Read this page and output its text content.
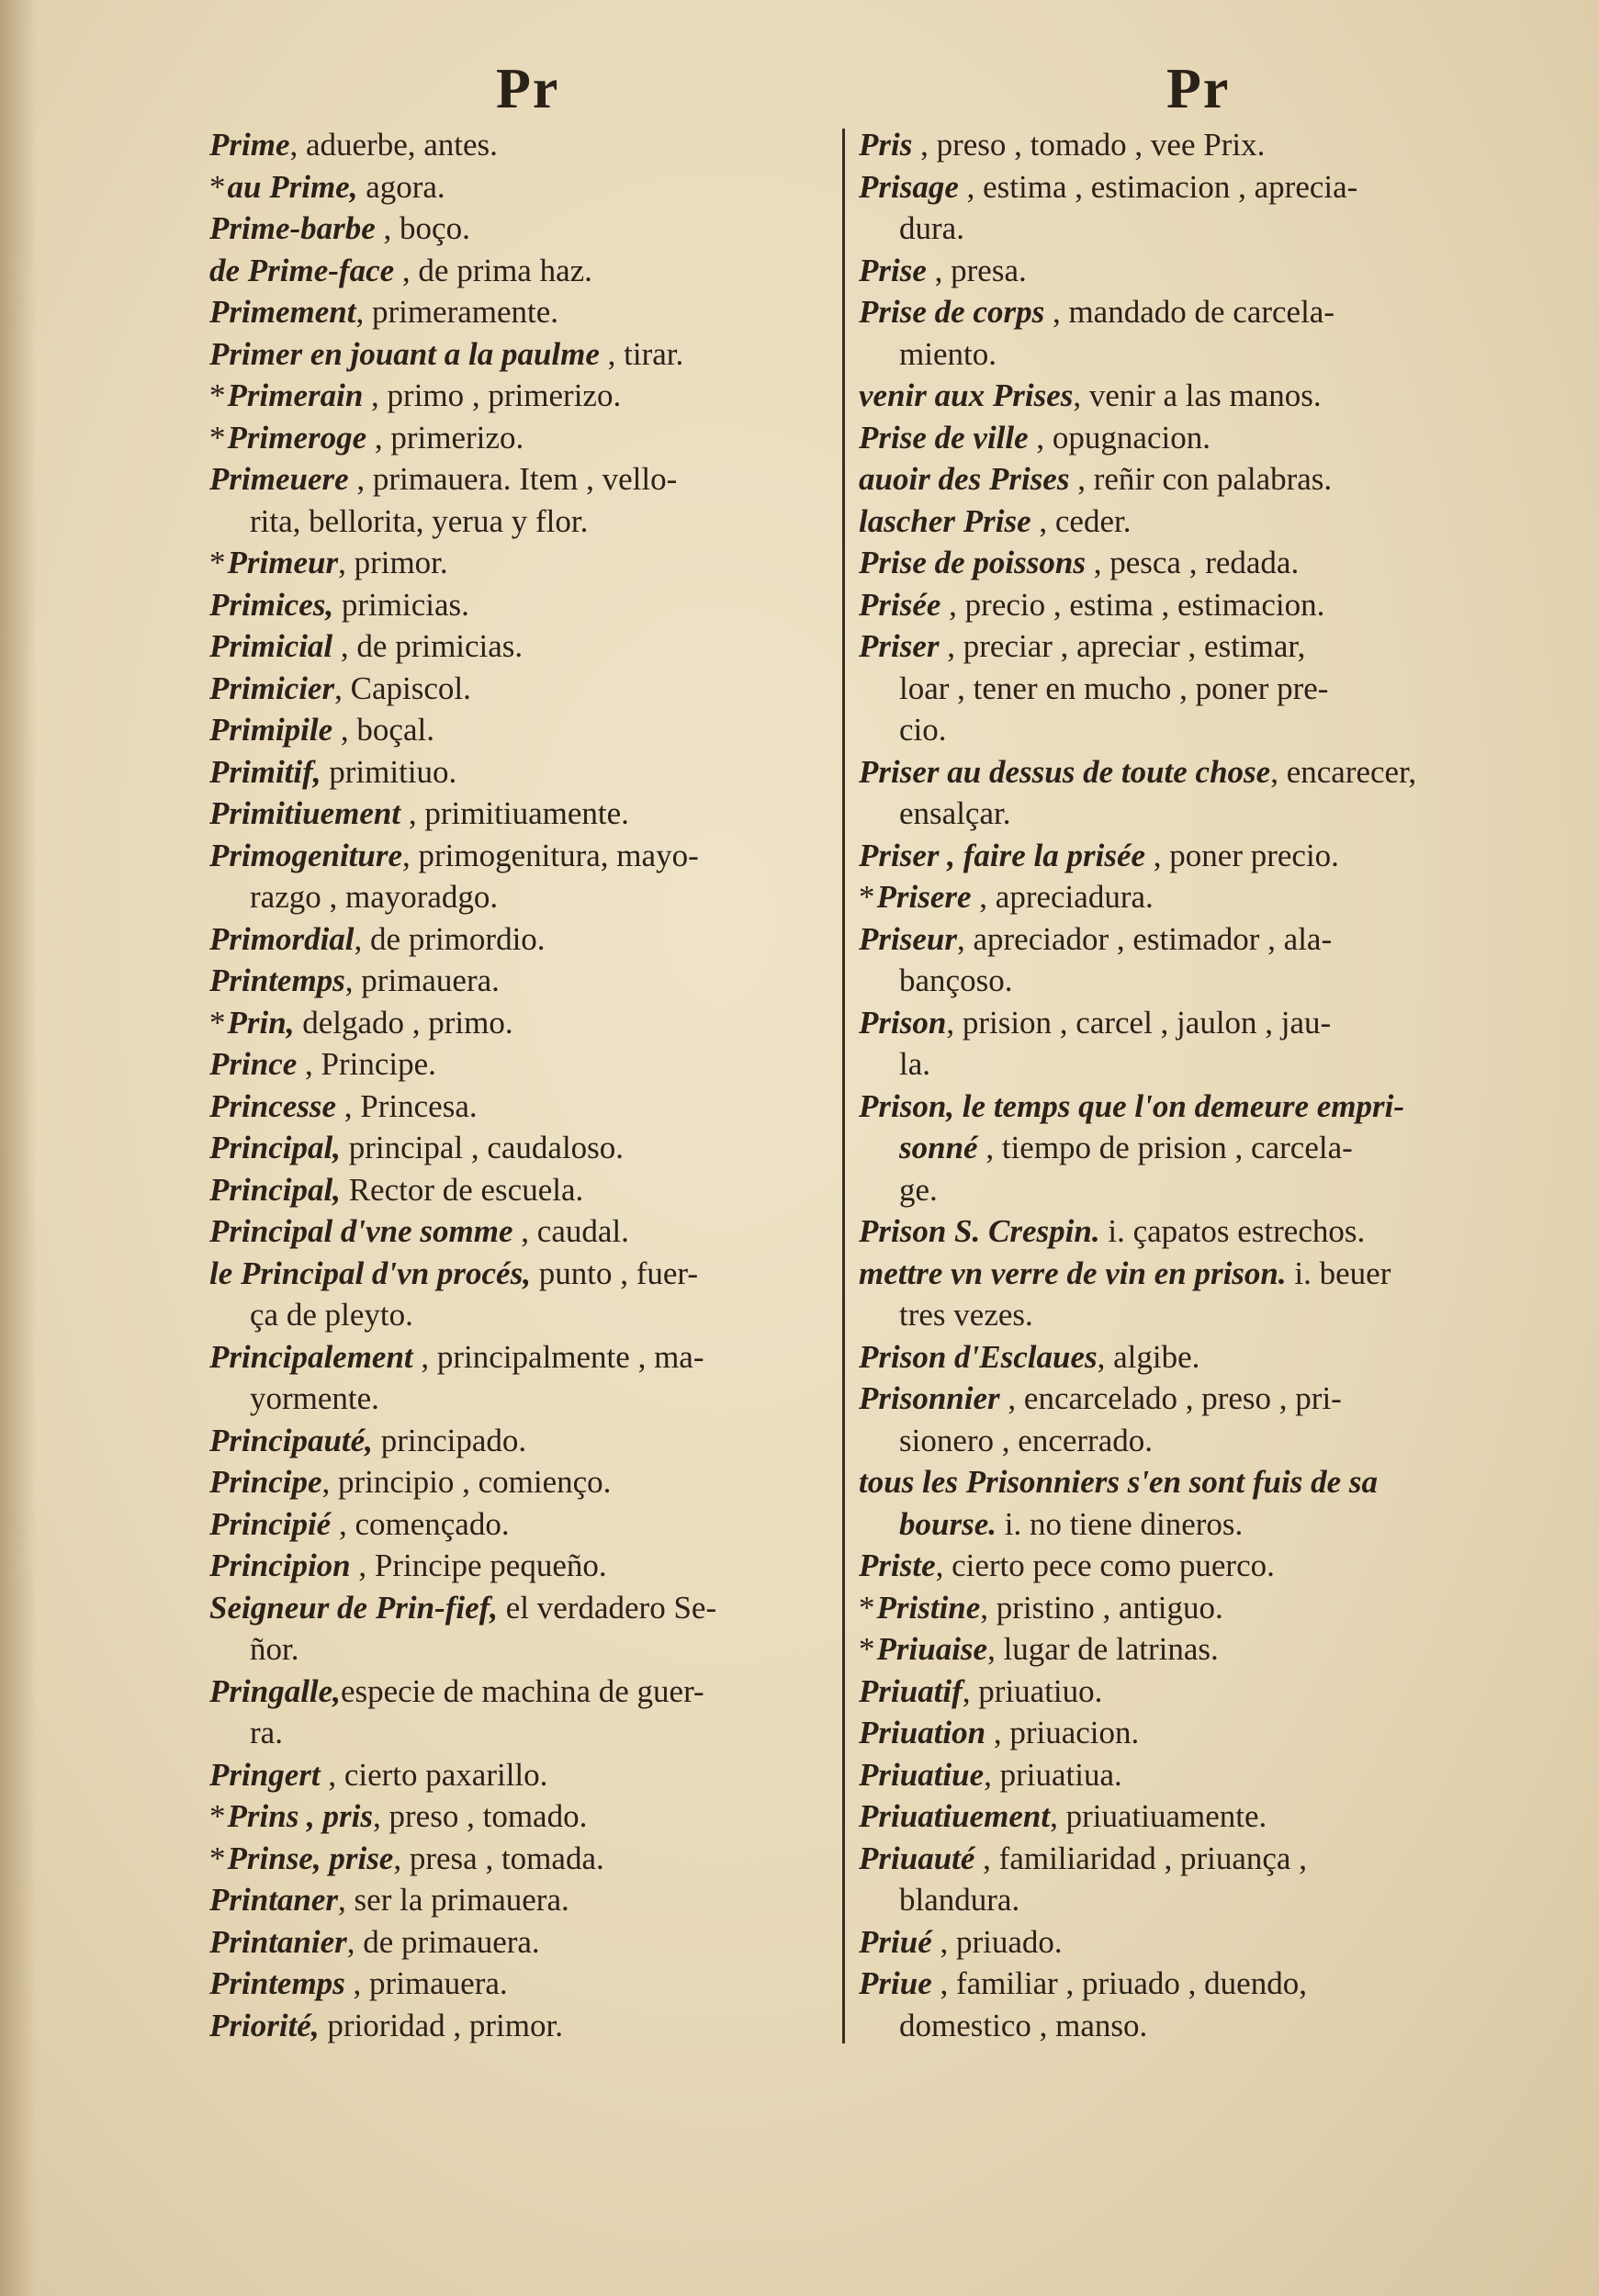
Pr	Pr
Prime, aduerbe, antes.
*au Prime, agora.
Prime-barbe , boço.
de Prime-face , de prima haz.
Primement, primeramente.
Primer en jouant a la paulme , tirar.
*Primerain , primo , primerizo.
*Primeroge , primerizo.
Primeuere , primauera. Item , vello-
rita, bellorita, yerua y flor.
*Primeur, primor.
Primices, primicias.
Primicial , de primicias.
Primicier, Capiscol.
Primipile , boçal.
Primitif, primitiuo.
Primitiuement , primitiuamente.
Primogeniture, primogenitura, mayo-
razgo , mayoradgo.
Primordial, de primordio.
Printemps, primauera.
*Prin, delgado , primo.
Prince , Principe.
Princesse , Princesa.
Principal, principal , caudaloso.
Principal, Rector de escuela.
Principal d'vne somme , caudal.
le Principal d'vn procés, punto , fuer-
ça de pleyto.
Principalement , principalmente , ma-
yormente.
Principauté, principado.
Principe, principio , comienço.
Principié , començado.
Principion , Principe pequeño.
Seigneur de Prin-fief, el verdadero Se-
ñor.
Pringalle,especie de machina de guer-
ra.
Pringert , cierto paxarillo.
*Prins , pris, preso , tomado.
*Prinse, prise, presa , tomada.
Printaner, ser la primauera.
Printanier, de primauera.
Printemps , primauera.
Priorité, prioridad , primor.
Pris , preso , tomado , vee Prix.
Prisage , estima , estimacion , apreciа-
dura.
Prise , presa.
Prise de corps , mandado de carcela-
miento.
venir aux Prises, venir a las manos.
Prise de ville , opugnacion.
auoir des Prises , reñir con palabras.
lascher Prise , ceder.
Prise de poissons , pesca , redada.
Prisée , precio , estima , estimacion.
Priser , preciar , apreciar , estimar,
loar , tener en mucho , poner pre-
cio.
Priser au dessus de toute chose, encarecer,
ensalçar.
Priser , faire la prisée , poner precio.
*Prisere , apreciadura.
Priseur, apreciador , estimador , ala-
bançoso.
Prison, prision , carcel , jaulon , jau-
la.
Prison, le temps que l'on demeure empri-
sonné , tiempo de prision , carcela-
ge.
Prison S. Crespin. i. çapatos estrechos.
mettre vn verre de vin en prison. i. beuer
tres vezes.
Prison d'Esclaues, algibe.
Prisonnier , encarcelado , preso , pri-
sionero , encerrado.
tous les Prisonniers s'en sont fuis de sa
bourse. i. no tiene dineros.
Priste, cierto pece como puerco.
*Pristine, pristino , antiguo.
*Priuaise, lugar de latrinas.
Priuatif, priuatiuo.
Priuation , priuacion.
Priuatiue, priuatiua.
Priuatiuement, priuatiuamente.
Priuauté , familiaridad , priuança ,
blandura.
Priué , priuado.
Priue , familiar , priuado , duendo,
domestico , manso.
